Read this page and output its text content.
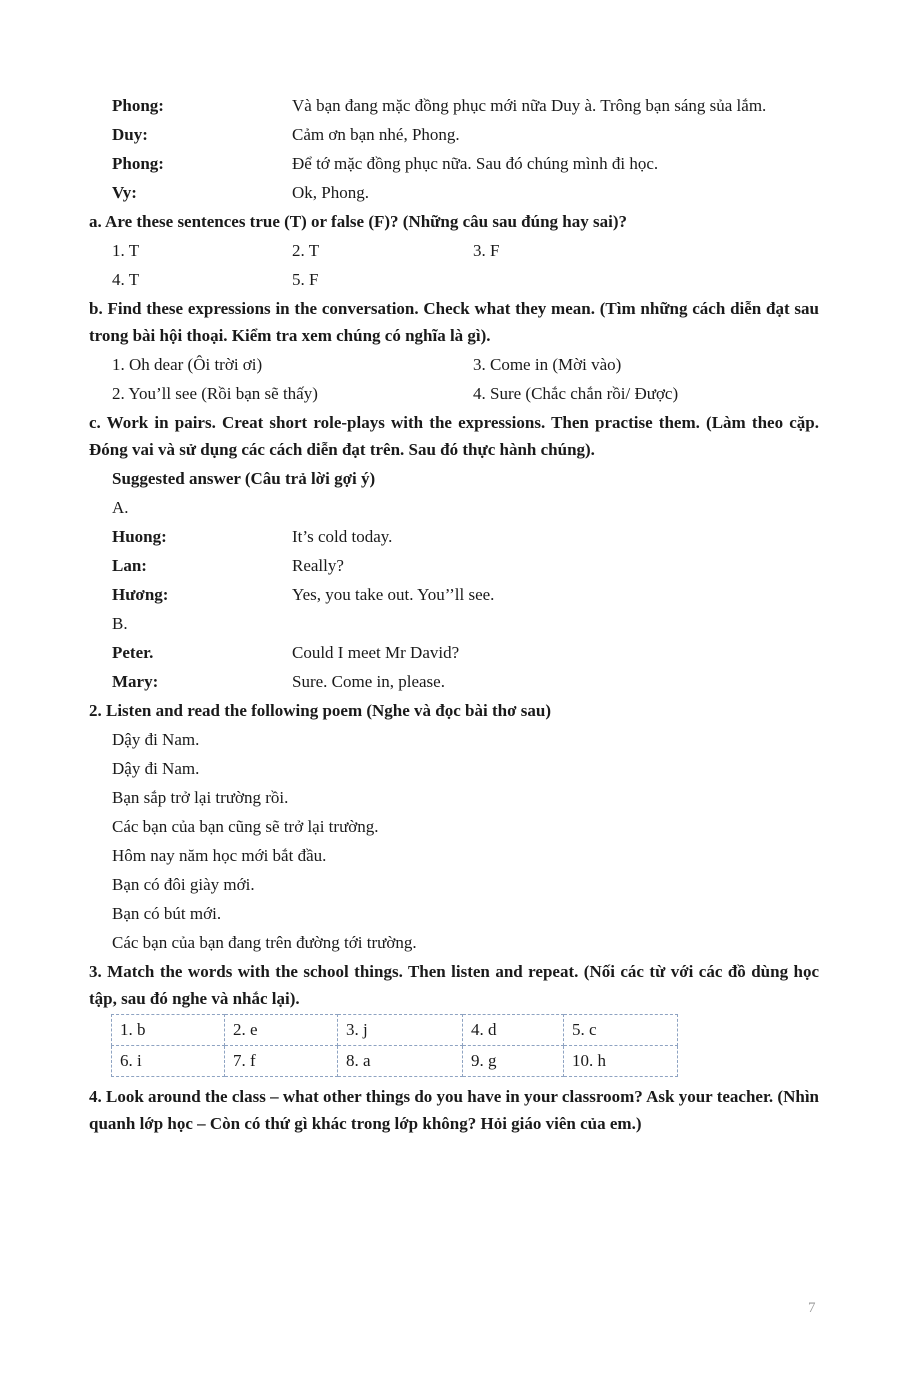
Phong:	Và bạn đang mặc đồng phục mới nữa Duy à. Trông bạn sáng sủa lắm.
Duy:	Cảm ơn bạn nhé, Phong.
Phong:	Để tớ mặc đồng phục nữa. Sau đó chúng mình đi học.
Vy:	Ok, Phong.

a. Are these sentences true (T) or false (F)? (Những câu sau đúng hay sai)?

1. T	2. T	3. F
4. T	5. F

b. Find these expressions in the conversation. Check what they mean. (Tìm những cách diễn đạt sau trong bài hội thoại. Kiểm tra xem chúng có nghĩa là gì).

1. Oh dear (Ôi trời ơi)	3. Come in (Mời vào)
2. You’ll see (Rồi bạn sẽ thấy)	4. Sure (Chắc chắn rồi/ Được)

c. Work in pairs. Creat short role-plays with the expressions. Then practise them. (Làm theo cặp. Đóng vai và sử dụng các cách diễn đạt trên. Sau đó thực hành chúng).

Suggested answer (Câu trả lời gợi ý)

A.

Huong:	It’s cold today.
Lan:	Really?
Hương:	Yes, you take out. You’’ll see.

B.

Peter.	Could I meet Mr David?
Mary:	Sure. Come in, please.

2. Listen and read the following poem (Nghe và đọc bài thơ sau)

Dậy đi Nam.

Dậy đi Nam.

Bạn sắp trở lại trường rồi.

Các bạn của bạn cũng sẽ trở lại trường.

Hôm nay năm học mới bắt đầu.

Bạn có đôi giày mới.

Bạn có bút mới.

Các bạn của bạn đang trên đường tới trường.

3. Match the words with the school things. Then listen and repeat. (Nối các từ với các đồ dùng học tập, sau đó nghe và nhắc lại).

1. b	2. e	3. j	4. d	5. c
6. i	7. f	8. a	9. g	10. h

4. Look around the class – what other things do you have in your classroom? Ask your teacher. (Nhìn quanh lớp học – Còn có thứ gì khác trong lớp không? Hỏi giáo viên của em.)

7
